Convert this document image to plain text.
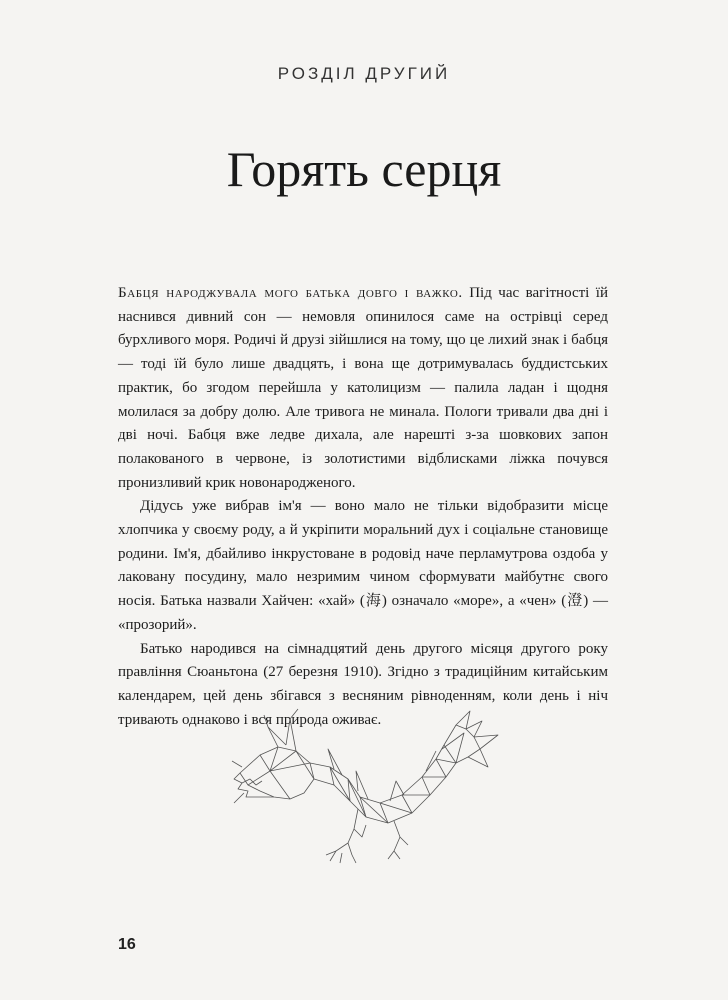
РОЗДІЛ ДРУГИЙ
Горять серця

Бабця народжувала мого батька довго і важко. Під час вагітності їй наснився дивний сон — немовля опинилося саме на острівці серед бурхливого моря. Родичі й друзі зійшлися на тому, що це лихий знак і бабця — тоді їй було лише двадцять, і вона ще дотримувалась буддистських практик, бо згодом перейшла у католицизм — палила ладан і щодня молилася за добру долю. Але тривога не минала. Пологи тривали два дні і дві ночі. Бабця вже ледве дихала, але нарешті з-за шовкових запон полакованого в червоне, із золотистими відблисками ліжка почувся пронизливий крик новонародженого.

Дідусь уже вибрав ім'я — воно мало не тільки відобразити місце хлопчика у своєму роду, а й укріпити моральний дух і соціальне становище родини. Ім'я, дбайливо інкрустоване в родовід наче перламутрова оздоба у лаковану посудину, мало незримим чином сформувати майбутнє свого носія. Батька назвали Хайчен: «хай» (海) означало «море», а «чен» (澄) — «прозорий».

Батько народився на сімнадцятий день другого місяця другого року правління Сюаньтона (27 березня 1910). Згідно з традиційним китайським календарем, цей день збігався з весняним рівноденням, коли день і ніч тривають однаково і вся природа оживає.

16
